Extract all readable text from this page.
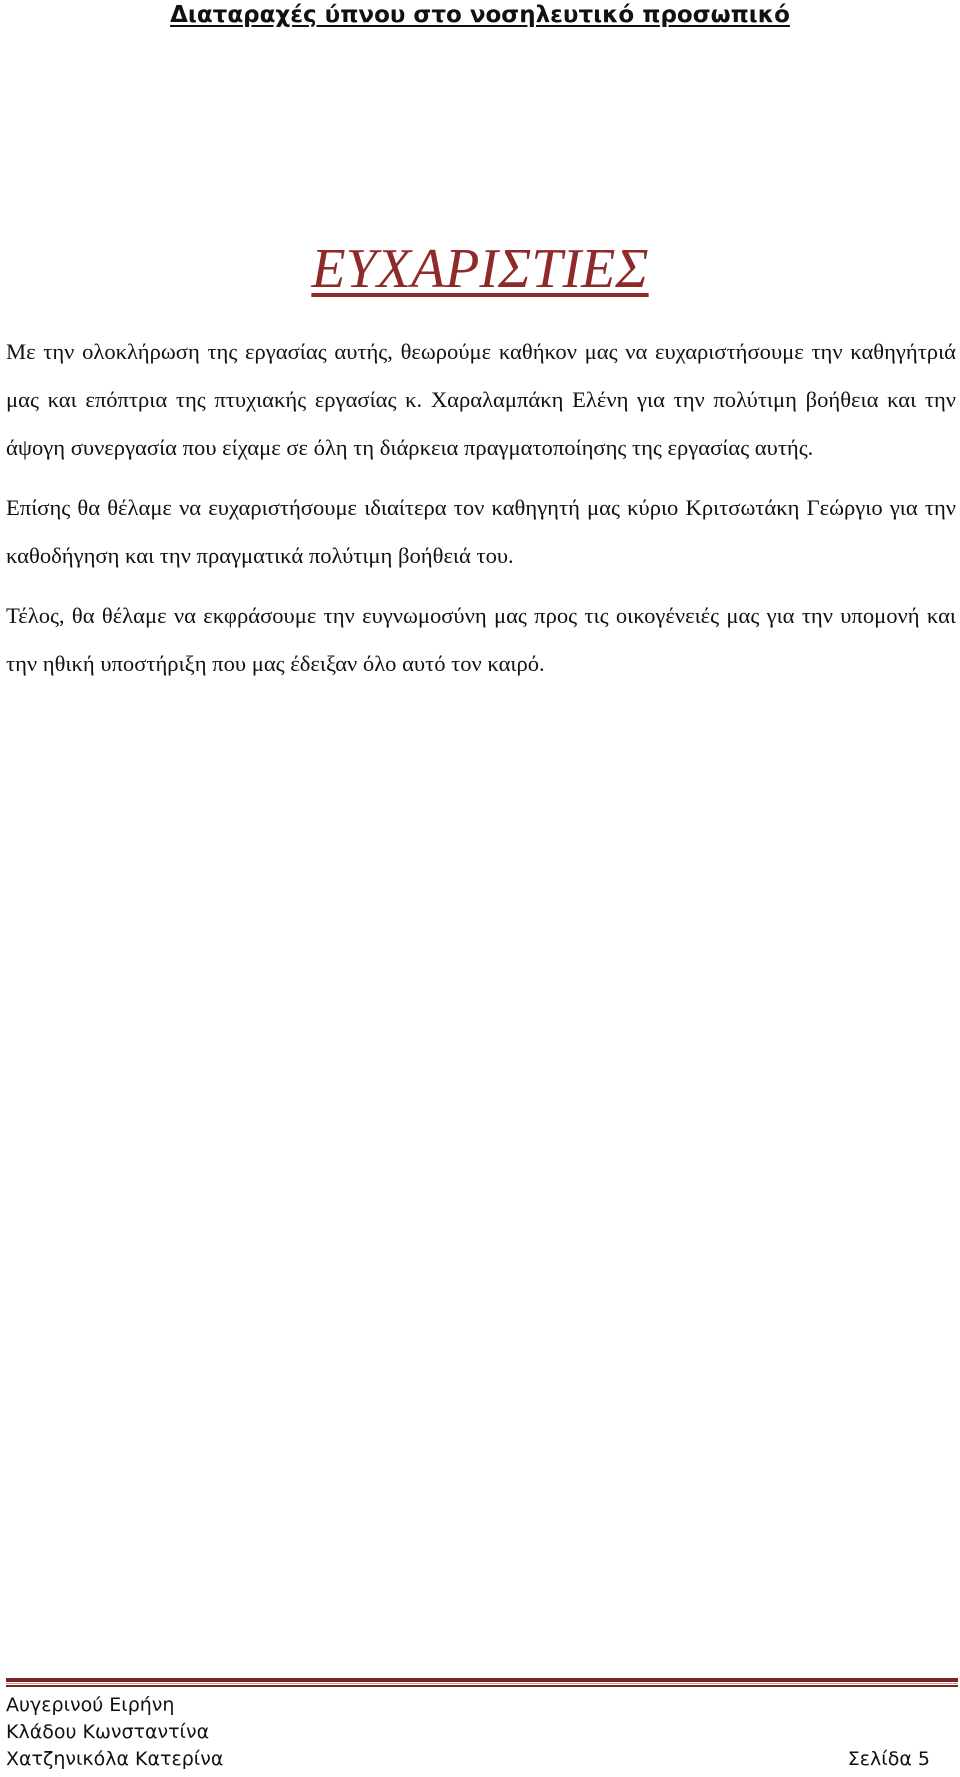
Διαταραχές ύπνου στο νοσηλευτικό προσωπικό
ΕΥΧΑΡΙΣΤΙΕΣ

Με την ολοκλήρωση της εργασίας αυτής, θεωρούμε καθήκον μας να ευχαριστήσουμε την καθηγήτριά μας και επόπτρια της πτυχιακής εργασίας κ. Χαραλαμπάκη Ελένη για την πολύτιμη βοήθεια και την άψογη συνεργασία που είχαμε σε όλη τη διάρκεια πραγματοποίησης της εργασίας αυτής.

Επίσης θα θέλαμε να ευχαριστήσουμε ιδιαίτερα τον καθηγητή μας κύριο Κριτσωτάκη Γεώργιο για την καθοδήγηση και την πραγματικά πολύτιμη βοήθειά του.

Τέλος, θα θέλαμε να εκφράσουμε την ευγνωμοσύνη μας προς τις οικογένειές μας για την υπομονή και την ηθική υποστήριξη που μας έδειξαν όλο αυτό τον καιρό.

Αυγερινού Ειρήνη
Κλάδου Κωνσταντίνα
Χατζηνικόλα Κατερίνα	Σελίδα 5
